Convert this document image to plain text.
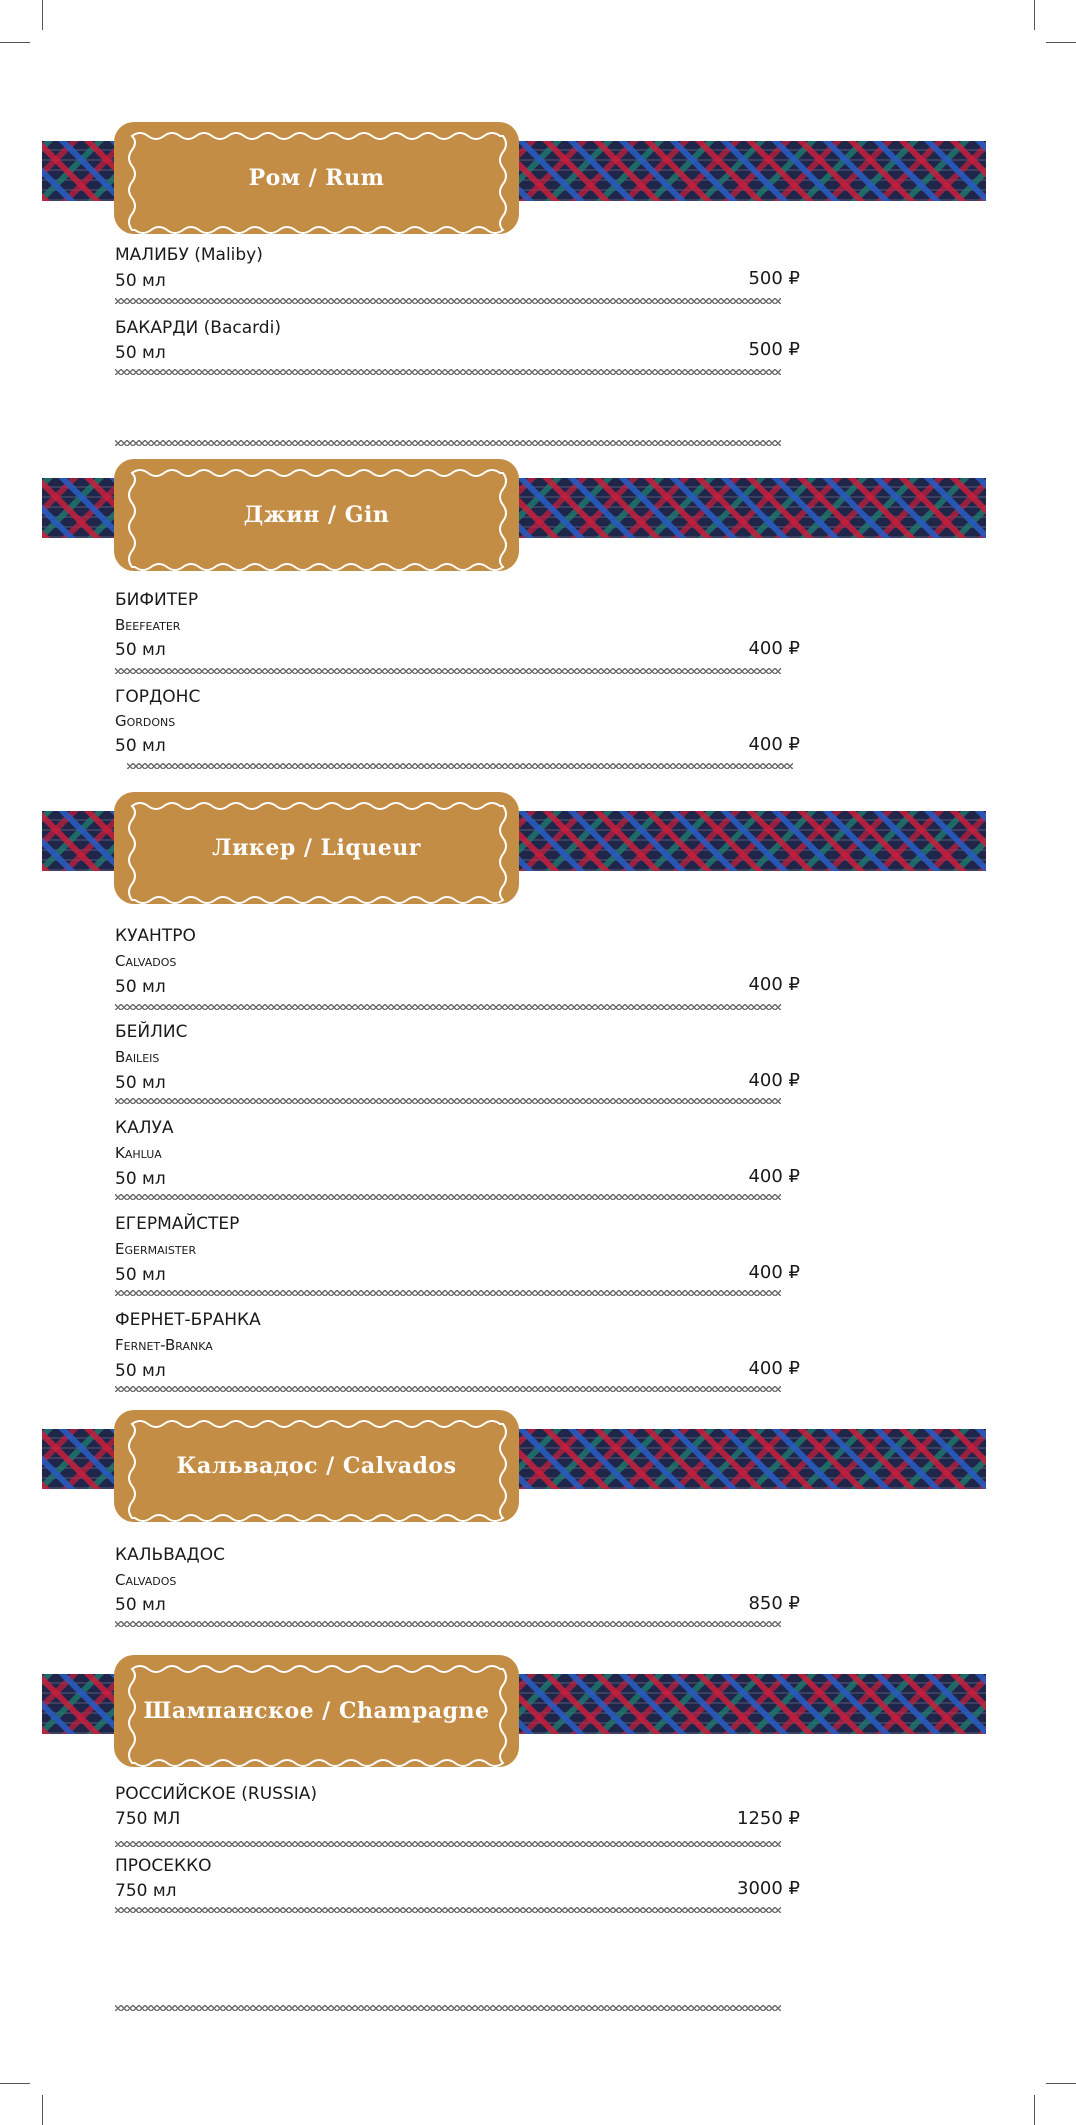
Ром / Rum
МАЛИБУ (Maliby)
50 мл	500 ₽
БАКАРДИ (Bacardi)
50 мл	500 ₽
Джин / Gin
БИФИТЕР
Beefeater
50 мл	400 ₽
ГОРДОНС
Gordons
50 мл	400 ₽
Ликер / Liqueur
КУАНТРО
Calvados
50 мл	400 ₽
БЕЙЛИС
Baileis
50 мл	400 ₽
КАЛУА
Kahlua
50 мл	400 ₽
ЕГЕРМАЙСТЕР
Egermaister
50 мл	400 ₽
ФЕРНЕТ-БРАНКА
Fernet-Branka
50 мл	400 ₽
Кальвадос / Calvados
КАЛЬВАДОС
Calvados
50 мл	850 ₽
Шампанское / Champagne
РОССИЙСКОЕ (RUSSIA)
750 МЛ	1250 ₽
ПРОСЕККО
750 мл	3000 ₽
